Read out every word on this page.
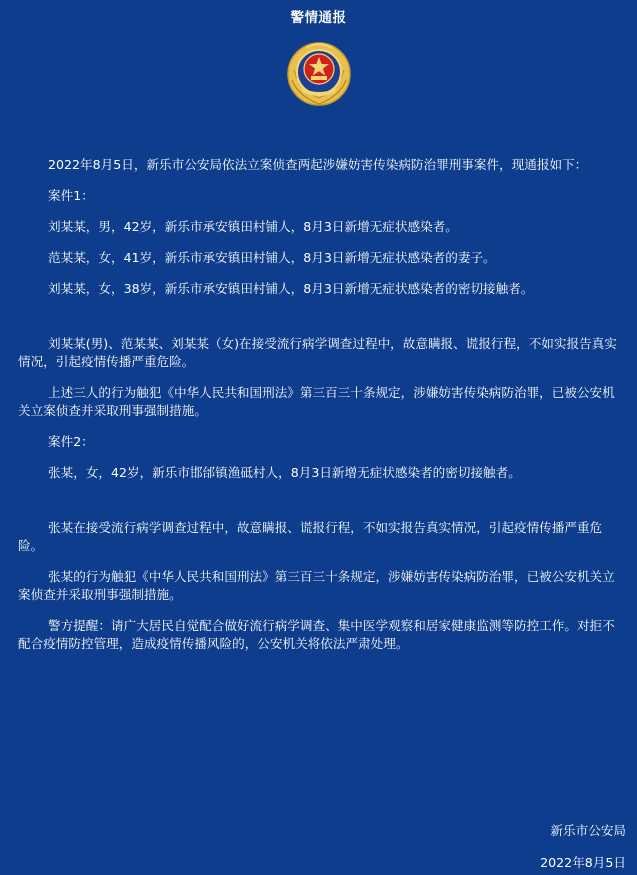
警情通报

2022年8月5日，新乐市公安局依法立案侦查两起涉嫌妨害传染病防治罪刑事案件，现通报如下：

案件1：

刘某某，男，42岁，新乐市承安镇田村铺人，8月3日新增无症状感染者。

范某某，女，41岁，新乐市承安镇田村铺人，8月3日新增无症状感染者的妻子。

刘某某，女，38岁，新乐市承安镇田村铺人，8月3日新增无症状感染者的密切接触者。

刘某某(男)、范某某、刘某某（女)在接受流行病学调查过程中，故意瞒报、谎报行程，不如实报告真实情况，引起疫情传播严重危险。

上述三人的行为触犯《中华人民共和国刑法》第三百三十条规定，涉嫌妨害传染病防治罪，已被公安机关立案侦查并采取刑事强制措施。

案件2：

张某，女，42岁，新乐市邯邰镇渔砥村人，8月3日新增无症状感染者的密切接触者。

张某在接受流行病学调查过程中，故意瞒报、谎报行程，不如实报告真实情况，引起疫情传播严重危险。

张某的行为触犯《中华人民共和国刑法》第三百三十条规定，涉嫌妨害传染病防治罪，已被公安机关立案侦查并采取刑事强制措施。

警方提醒：请广大居民自觉配合做好流行病学调查、集中医学观察和居家健康监测等防控工作。对拒不配合疫情防控管理，造成疫情传播风险的，公安机关将依法严肃处理。

新乐市公安局
2022年8月5日
